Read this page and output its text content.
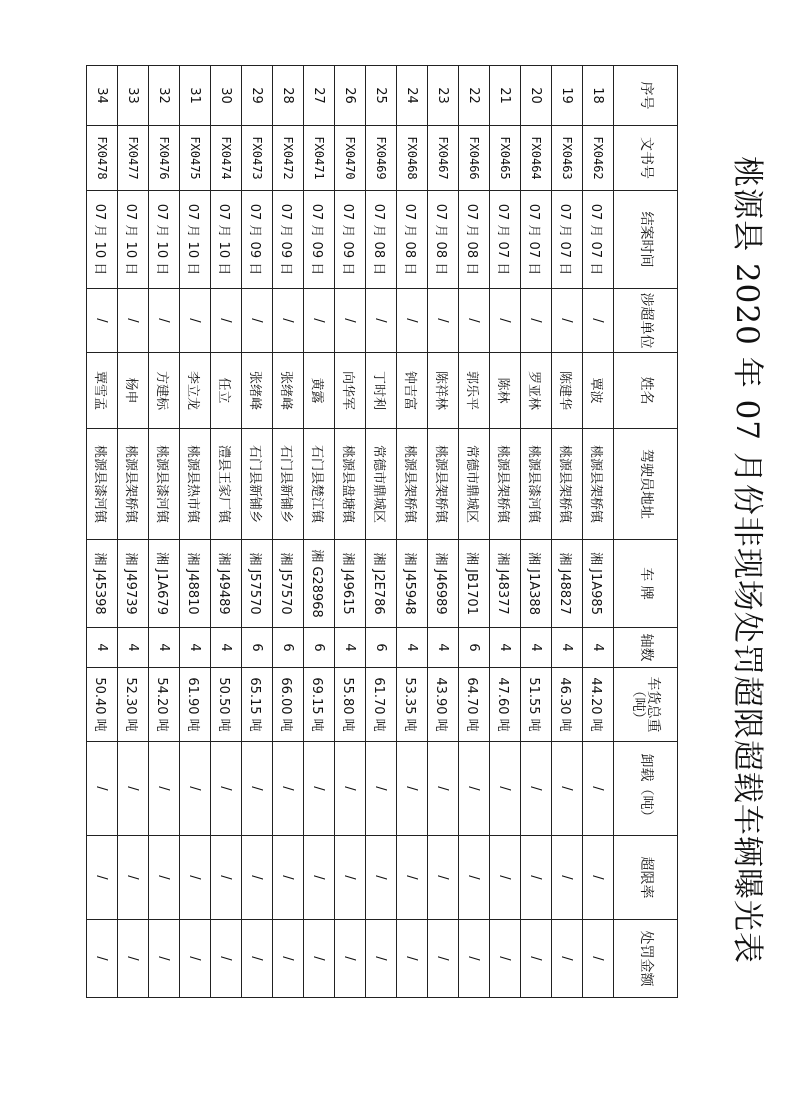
桃源县 2020 年 07 月份非现场处罚超限超载车辆曝光表
序号	文书号	结案时间	涉超单位	姓名	驾驶员地址	车 牌	轴数	车货总重（吨）	卸载（吨）	超限率	处罚金额
18	FX0462	07 月 07 日	/	覃波	桃源县架桥镇	湘 J1A985	4	44.20 吨	/	/	/
19	FX0463	07 月 07 日	/	陈建华	桃源县架桥镇	湘 J48827	4	46.30 吨	/	/	/
20	FX0464	07 月 07 日	/	罗亚林	桃源县漆河镇	湘 J1A388	4	51.55 吨	/	/	/
21	FX0465	07 月 07 日	/	陈林	桃源县架桥镇	湘 J48377	4	47.60 吨	/	/	/
22	FX0466	07 月 08 日	/	郭乐平	常德市鼎城区	湘 JB1701	6	64.70 吨	/	/	/
23	FX0467	07 月 08 日	/	陈祥林	桃源县架桥镇	湘 J46989	4	43.90 吨	/	/	/
24	FX0468	07 月 08 日	/	钟吉富	桃源县架桥镇	湘 J45948	4	53.35 吨	/	/	/
25	FX0469	07 月 08 日	/	丁时利	常德市鼎城区	湘 J2E786	6	61.70 吨	/	/	/
26	FX0470	07 月 09 日	/	向华军	桃源县盘塘镇	湘 J49615	4	55.80 吨	/	/	/
27	FX0471	07 月 09 日	/	黄露	石门县楚江镇	湘 G28968	6	69.15 吨	/	/	/
28	FX0472	07 月 09 日	/	张绪峰	石门县新铺乡	湘 J57570	6	66.00 吨	/	/	/
29	FX0473	07 月 09 日	/	张绪峰	石门县新铺乡	湘 J57570	6	65.15 吨	/	/	/
30	FX0474	07 月 10 日	/	任立	澧县王家厂镇	湘 J49489	4	50.50 吨	/	/	/
31	FX0475	07 月 10 日	/	李立龙	桃源县热市镇	湘 J48810	4	61.90 吨	/	/	/
32	FX0476	07 月 10 日	/	方建标	桃源县漆河镇	湘 J1A679	4	54.20 吨	/	/	/
33	FX0477	07 月 10 日	/	杨申	桃源县架桥镇	湘 J49739	4	52.30 吨	/	/	/
34	FX0478	07 月 10 日	/	覃雪孟	桃源县漆河镇	湘 J45398	4	50.40 吨	/	/	/
